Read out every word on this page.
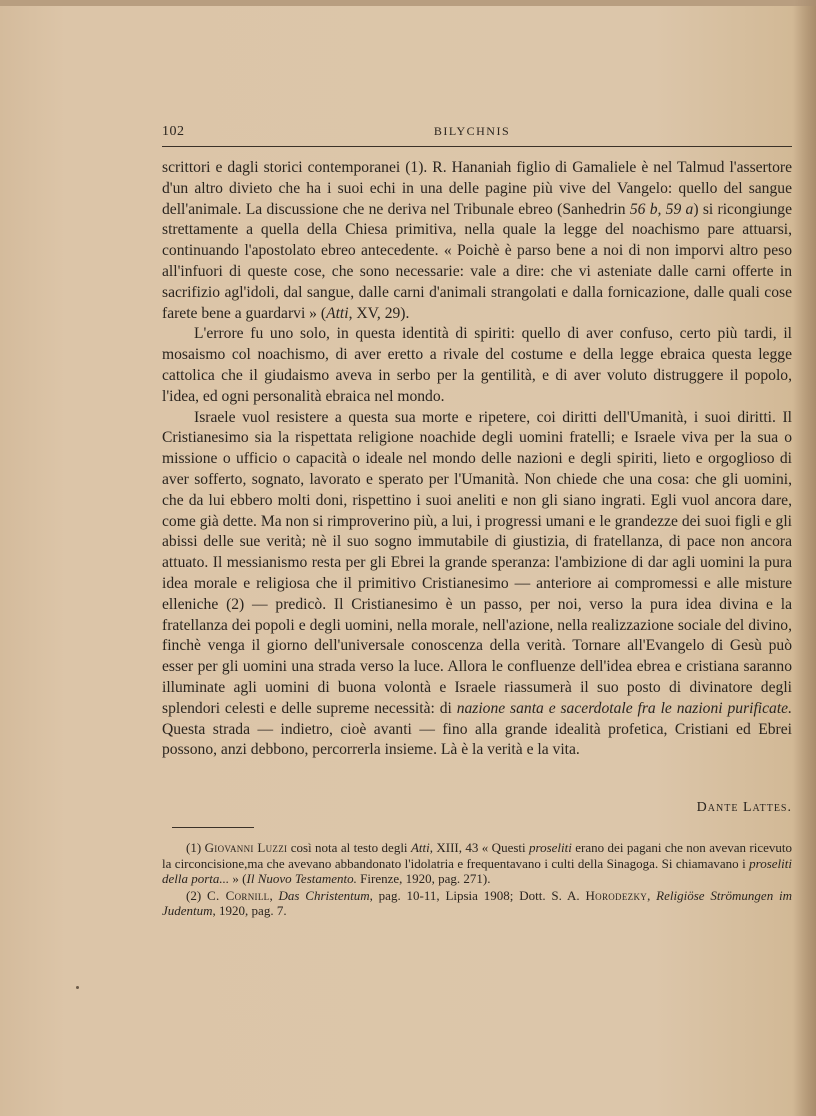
102	BILYCHNIS

scrittori e dagli storici contemporanei (1). R. Hananiah figlio di Gamaliele è nel Talmud l'assertore d'un altro divieto che ha i suoi echi in una delle pagine più vive del Vangelo: quello del sangue dell'animale. La discussione che ne deriva nel Tribunale ebreo (Sanhedrin 56 b, 59 a) si ricongiunge strettamente a quella della Chiesa primitiva, nella quale la legge del noachismo pare attuarsi, continuando l'apostolato ebreo antecedente. « Poichè è parso bene a noi di non imporvi altro peso all'infuori di queste cose, che sono necessarie: vale a dire: che vi asteniate dalle carni offerte in sacrifizio agl'idoli, dal sangue, dalle carni d'animali strangolati e dalla fornicazione, dalle quali cose farete bene a guardarvi » (Atti, XV, 29).

L'errore fu uno solo, in questa identità di spiriti: quello di aver confuso, certo più tardi, il mosaismo col noachismo, di aver eretto a rivale del costume e della legge ebraica questa legge cattolica che il giudaismo aveva in serbo per la gentilità, e di aver voluto distruggere il popolo, l'idea, ed ogni personalità ebraica nel mondo.

Israele vuol resistere a questa sua morte e ripetere, coi diritti dell'Umanità, i suoi diritti. Il Cristianesimo sia la rispettata religione noachide degli uomini fratelli; e Israele viva per la sua o missione o ufficio o capacità o ideale nel mondo delle nazioni e degli spiriti, lieto e orgoglioso di aver sofferto, sognato, lavorato e sperato per l'Umanità. Non chiede che una cosa: che gli uomini, che da lui ebbero molti doni, rispettino i suoi aneliti e non gli siano ingrati. Egli vuol ancora dare, come già dette. Ma non si rimproverino più, a lui, i progressi umani e le grandezze dei suoi figli e gli abissi delle sue verità; nè il suo sogno immutabile di giustizia, di fratellanza, di pace non ancora attuato. Il messianismo resta per gli Ebrei la grande speranza: l'ambizione di dar agli uomini la pura idea morale e religiosa che il primitivo Cristianesimo — anteriore ai compromessi e alle misture elleniche (2) — predicò. Il Cristianesimo è un passo, per noi, verso la pura idea divina e la fratellanza dei popoli e degli uomini, nella morale, nell'azione, nella realizzazione sociale del divino, finchè venga il giorno dell'universale conoscenza della verità. Tornare all'Evangelo di Gesù può esser per gli uomini una strada verso la luce. Allora le confluenze dell'idea ebrea e cristiana saranno illuminate agli uomini di buona volontà e Israele riassumerà il suo posto di divinatore degli splendori celesti e delle supreme necessità: di nazione santa e sacerdotale fra le nazioni purificate. Questa strada — indietro, cioè avanti — fino alla grande idealità profetica, Cristiani ed Ebrei possono, anzi debbono, percorrerla insieme. Là è la verità e la vita.

Dante Lattes.

(1) Giovanni Luzzi così nota al testo degli Atti, XIII, 43 « Questi proseliti erano dei pagani che non avevan ricevuto la circoncisione,ma che avevano abbandonato l'idolatria e frequentavano i culti della Sinagoga. Si chiamavano i proseliti della porta... » (Il Nuovo Testamento. Firenze, 1920, pag. 271).

(2) C. Cornill, Das Christentum, pag. 10-11, Lipsia 1908; Dott. S. A. Horodezky, Religiöse Strömungen im Judentum, 1920, pag. 7.
